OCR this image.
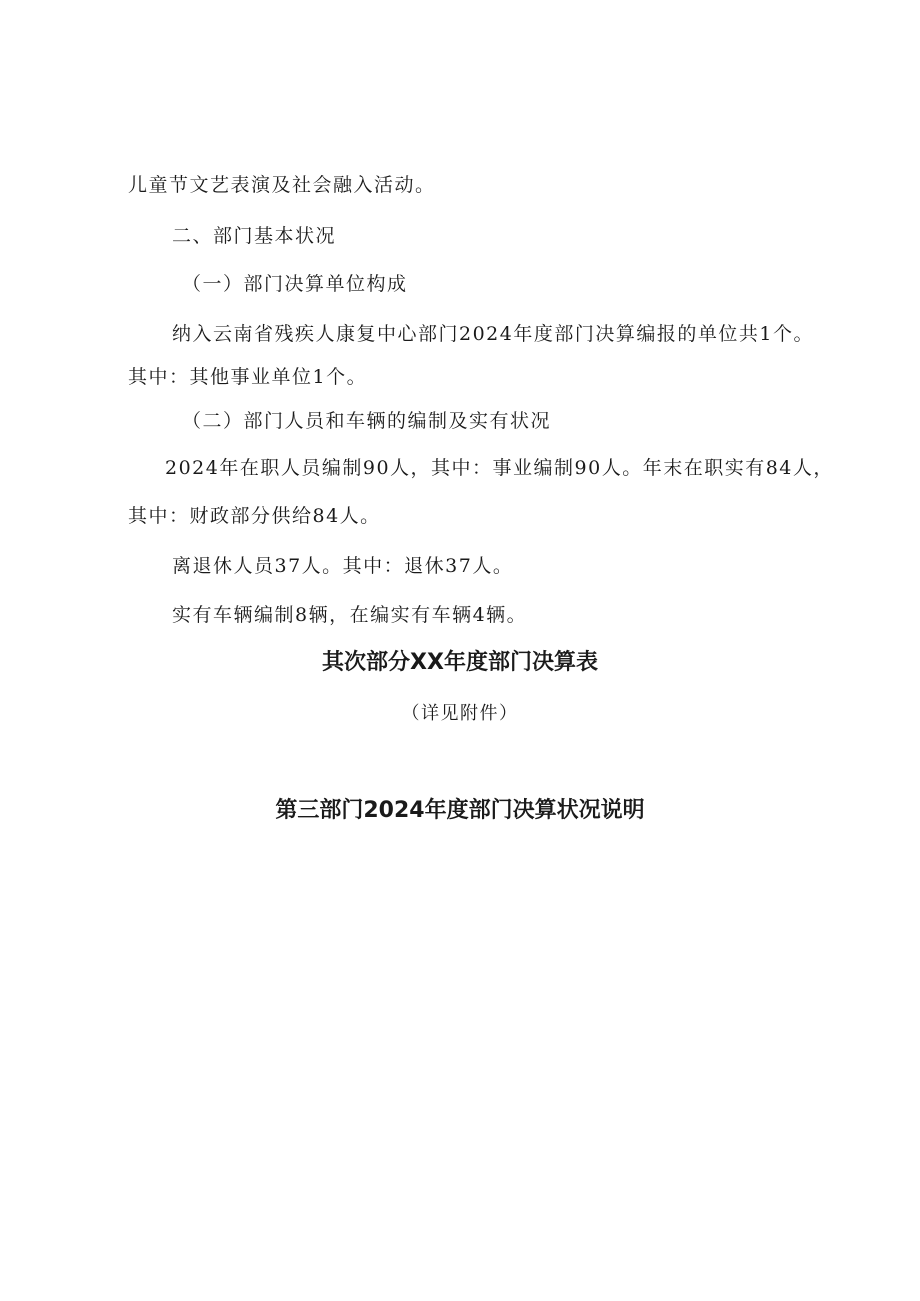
儿童节文艺表演及社会融入活动。
二、部门基本状况
（一）部门决算单位构成
纳入云南省残疾人康复中心部门2024年度部门决算编报的单位共1个。
其中：其他事业单位1个。
（二）部门人员和车辆的编制及实有状况
2024年在职人员编制90人，其中：事业编制90人。年末在职实有84人，
其中：财政部分供给84人。
离退休人员37人。其中：退休37人。
实有车辆编制8辆，在编实有车辆4辆。
其次部分XX年度部门决算表
（详见附件）
第三部门2024年度部门决算状况说明
